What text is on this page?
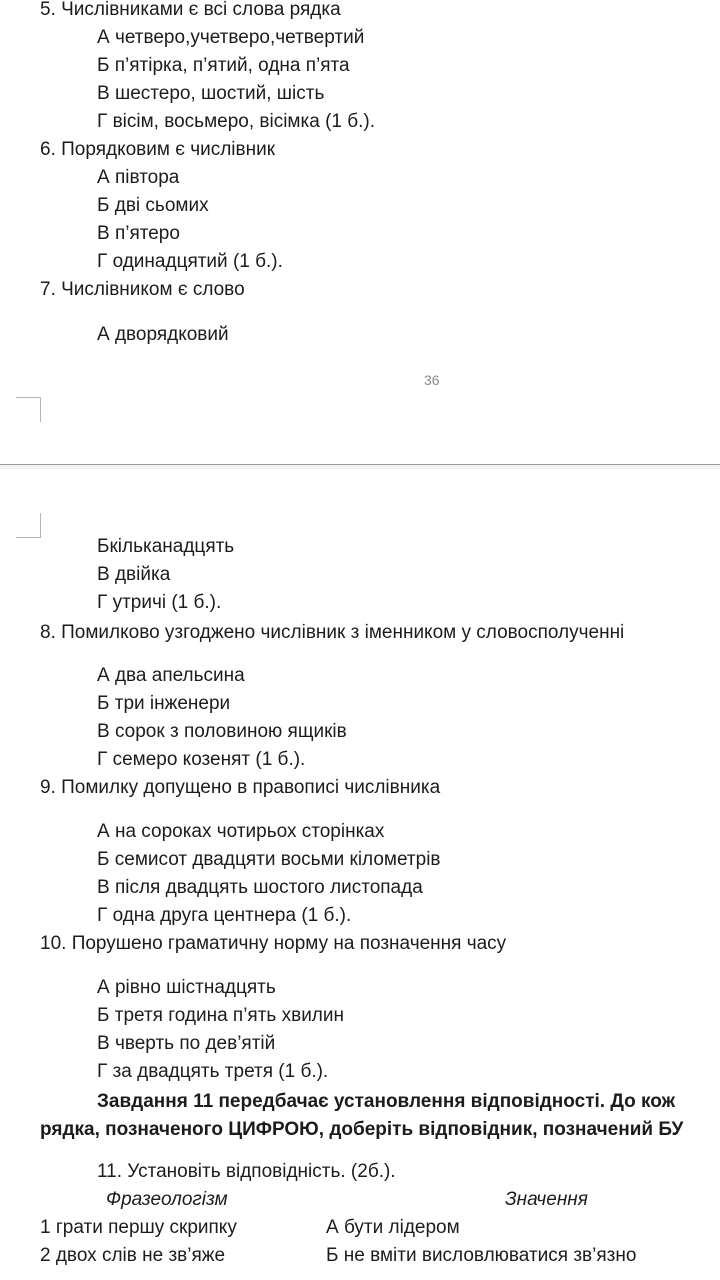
5. Числівниками є всі слова рядка
А четверо,учетверо,четвертий
Б п’ятірка, п’ятий, одна п’ята
В шестеро, шостий, шість
Г вісім, восьмеро, вісімка (1 б.).
6. Порядковим є числівник
А півтора
Б дві сьомих
В п’ятеро
Г одинадцятий (1 б.).
7. Числівником є слово
А дворядковий
36
Бкільканадцять
В двійка
Г утричі (1 б.).
8. Помилково узгоджено числівник з іменником у словосполученні
А два апельсина
Б три інженери
В сорок з половиною ящиків
Г семеро козенят (1 б.).
9. Помилку допущено в правописі числівника
А на сороках чотирьох сторінках
Б семисот двадцяти восьми кілометрів
В після двадцять шостого листопада
Г одна друга центнера (1 б.).
10. Порушено граматичну норму на позначення часу
А рівно шістнадцять
Б третя година п’ять хвилин
В чверть по дев’ятій
Г за двадцять третя (1 б.).
Завдання 11 передбачає установлення відповідності. До кож
рядка, позначеного ЦИФРОЮ, доберіть відповідник, позначений БУ
11. Установіть відповідність. (2б.).
Фразеологізм	Значення
1 грати першу скрипку	А бути лідером
2 двох слів не зв’яже	Б не вміти висловлюватися зв’язно
